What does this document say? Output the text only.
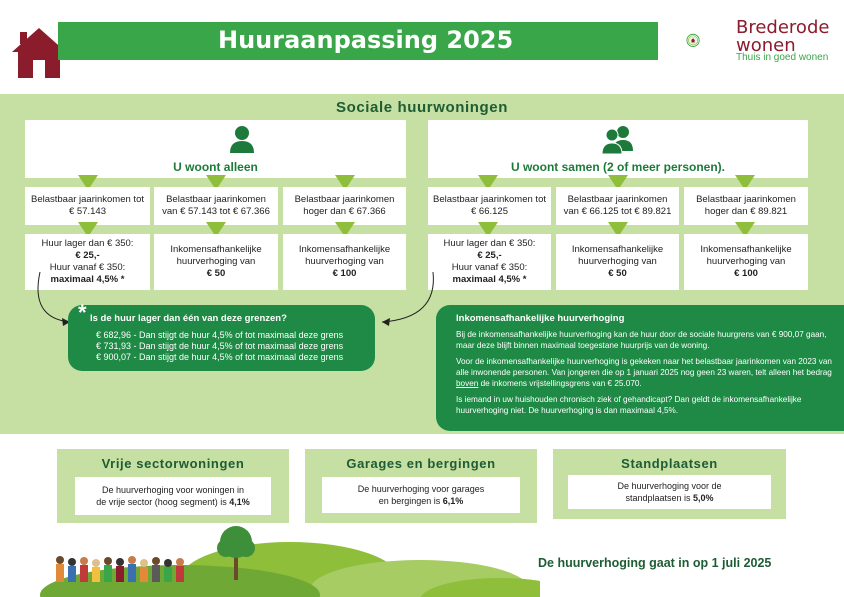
Huuraanpassing 2025	Brederode
wonen
Thuis in goed wonen
Sociale huurwoningen
U woont alleen	U woont samen (2 of meer personen).
Belastbaar jaarinkomen tot € 57.143
Belastbaar jaarinkomen van € 57.143 tot € 67.366
Belastbaar jaarinkomen hoger dan € 67.366
Belastbaar jaarinkomen tot € 66.125
Belastbaar jaarinkomen van € 66.125 tot € 89.821
Belastbaar jaarinkomen hoger dan € 89.821
Huur lager dan € 350:
€ 25,-
Huur vanaf € 350:
maximaal 4,5% *
Inkomensafhankelijke huurverhoging van
€ 50
Inkomensafhankelijke huurverhoging van
€ 100
Huur lager dan € 350:
€ 25,-
Huur vanaf € 350:
maximaal 4,5% *
Inkomensafhankelijke huurverhoging van
€ 50
Inkomensafhankelijke huurverhoging van
€ 100
* Is de huur lager dan één van deze grenzen?
€ 682,96 - Dan stijgt de huur 4,5% of tot maximaal deze grens
€ 731,93 - Dan stijgt de huur 4,5% of tot maximaal deze grens
€ 900,07 - Dan stijgt de huur 4,5% of tot maximaal deze grens
Inkomensafhankelijke huurverhoging
Bij de inkomensafhankelijke huurverhoging kan de huur door de sociale huurgrens van € 900,07 gaan, maar deze blijft binnen maximaal toegestane huurprijs van de woning.
Voor de inkomensafhankelijke huurverhoging is gekeken naar het belastbaar jaarinkomen van 2023 van alle inwonende personen. Van jongeren die op 1 januari 2025 nog geen 23 waren, telt alleen het bedrag boven de inkomens vrijstellingsgrens van € 25.070.
Is iemand in uw huishouden chronisch ziek of gehandicapt? Dan geldt de inkomensafhankelijke huurverhoging niet. De huurverhoging is dan maximaal 4,5%.
Vrije sectorwoningen
De huurverhoging voor woningen in
de vrije sector (hoog segment) is 4,1%
Garages en bergingen
De huurverhoging voor garages
en bergingen is 6,1%
Standplaatsen
De huurverhoging voor de
standplaatsen is 5,0%
De huurverhoging gaat in op 1 juli 2025
